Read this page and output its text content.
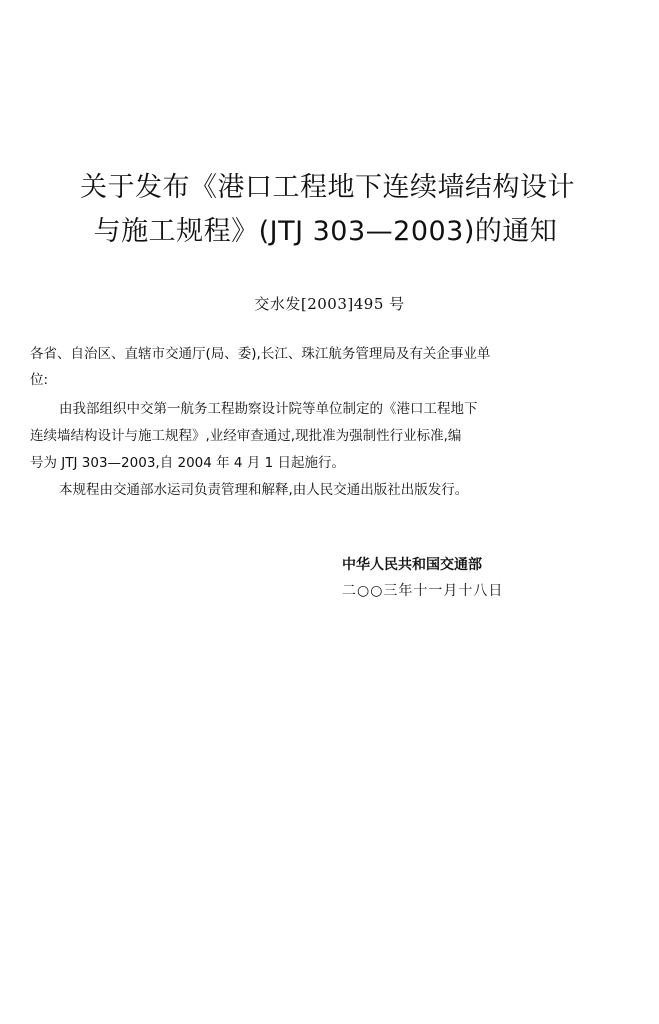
关于发布《港口工程地下连续墙结构设计
与施工规程》(JTJ 303—2003)的通知
交水发[2003]495 号
各省、自治区、直辖市交通厅(局、委),长江、珠江航务管理局及有关企事业单
位:
由我部组织中交第一航务工程勘察设计院等单位制定的《港口工程地下
连续墙结构设计与施工规程》,业经审查通过,现批准为强制性行业标准,编
号为 JTJ 303—2003,自 2004 年 4 月 1 日起施行。
本规程由交通部水运司负责管理和解释,由人民交通出版社出版发行。
中华人民共和国交通部
二○○三年十一月十八日
